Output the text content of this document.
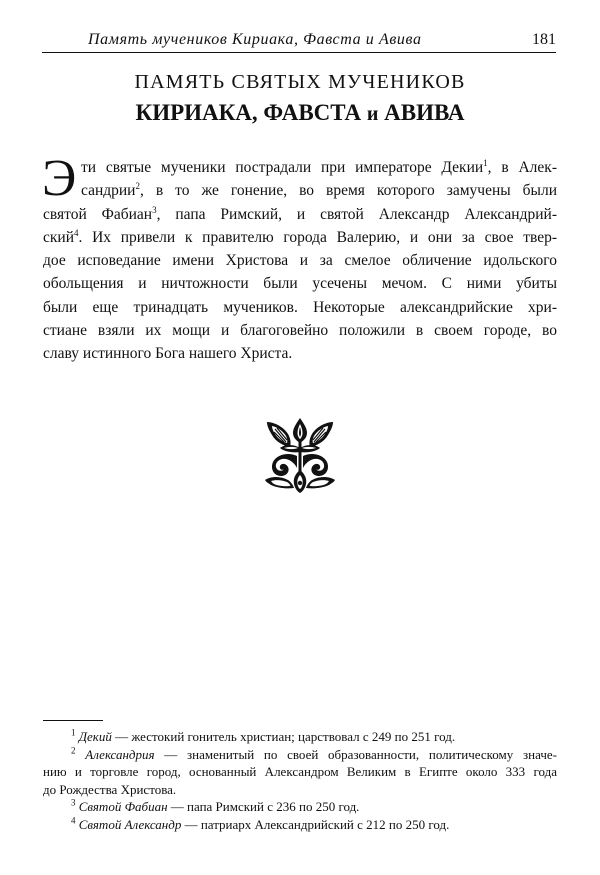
Память мучеников Кириака, Фавста и Авива	181
ПАМЯТЬ СВЯТЫХ МУЧЕНИКОВ
КИРИАКА, ФАВСТА и АВИВА
Э ти святые мученики пострадали при императоре Декии$^1$, в Алек-
сандрии$^2$, в то же гонение, во время которого замучены были
святой Фабиан$^3$, папа Римский, и святой Александр Александрий-
ский$^4$. Их привели к правителю города Валерию, и они за свое твер-
дое исповедание имени Христова и за смелое обличение идольского
обольщения и ничтожности были усечены мечом. С ними убиты
были еще тринадцать мучеников. Некоторые александрийские хри-
стиане взяли их мощи и благоговейно положили в своем городе, во
славу истинного Бога нашего Христа.
$^1$ Декий — жестокий гонитель христиан; царствовал с 249 по 251 год.
$^2$ Александрия — знаменитый по своей образованности, политическому значе-
нию и торговле город, основанный Александром Великим в Египте около 333 года
до Рождества Христова.
$^3$ Святой Фабиан — папа Римский с 236 по 250 год.
$^4$ Святой Александр — патриарх Александрийский с 212 по 250 год.
